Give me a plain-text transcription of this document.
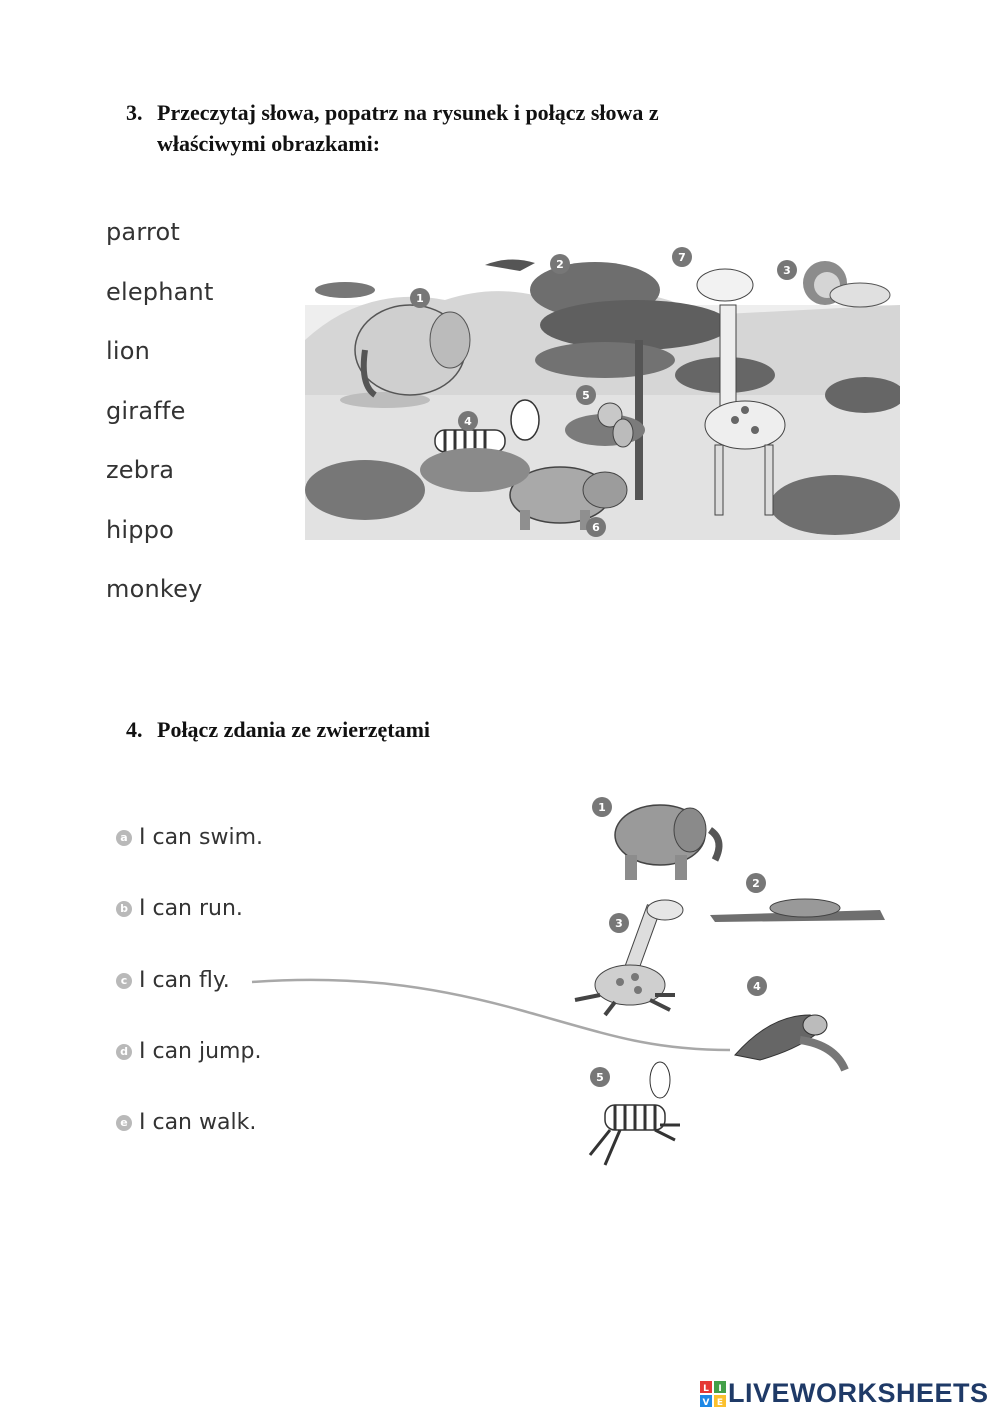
3. Przeczytaj słowa, popatrz na rysunek i połącz słowa z
właściwymi obrazkami:
parrot
elephant
lion
giraffe
zebra
hippo
monkey
1
2	3
4
5
6
7
4. Połącz zdania ze zwierzętami
a I can swim.
b I can run.
c I can fly.
d I can jump.
e I can walk.
1
2
3
4
5
L I
V E LIVEWORKSHEETS
